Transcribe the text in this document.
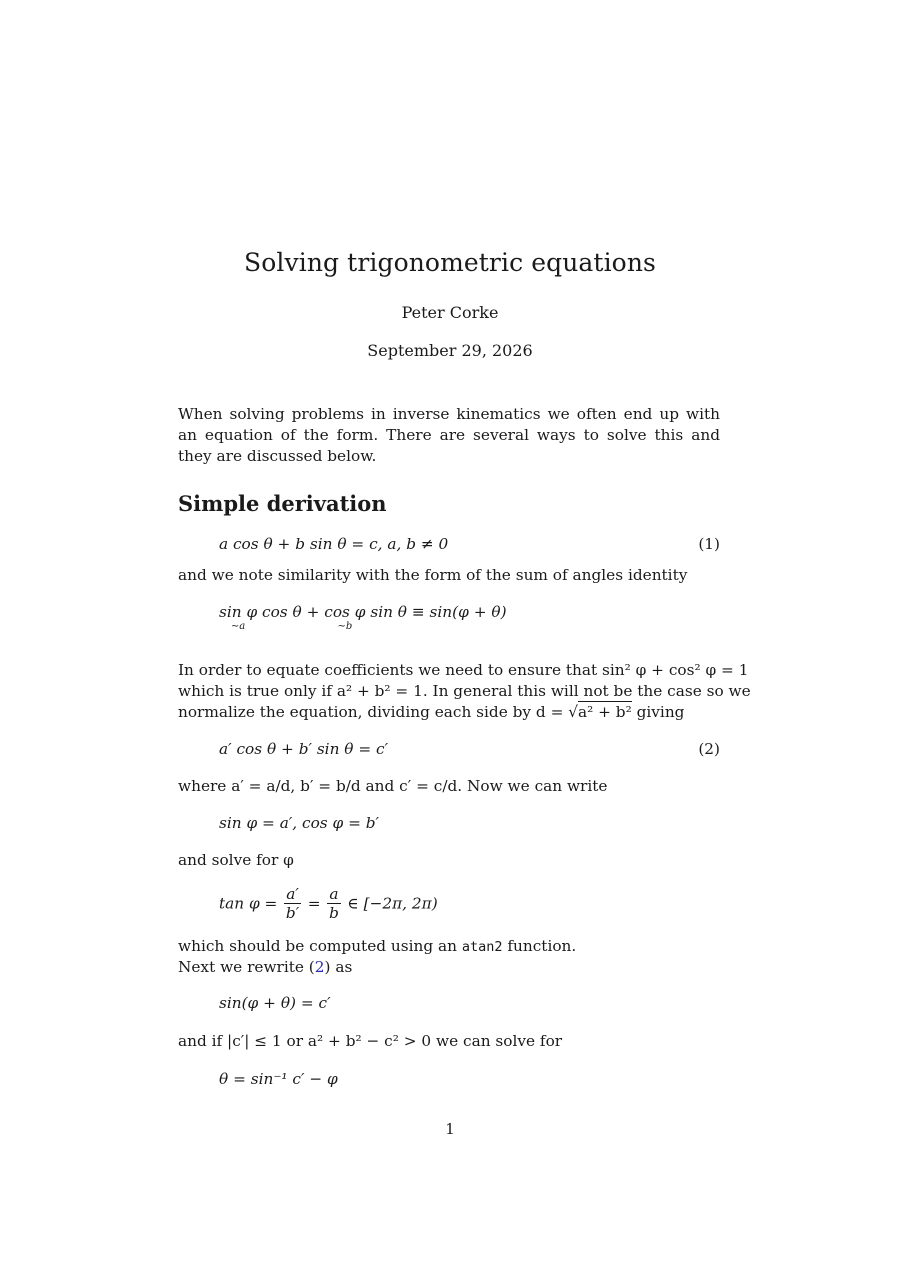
Solving trigonometric equations
Peter Corke
September 29, 2026
When solving problems in inverse kinematics we often end up with an equation of the form. There are several ways to solve this and they are discussed below.
Simple derivation
a cos θ + b sin θ = c, a, b ≠ 0	(1)
and we note similarity with the form of the sum of angles identity
sin φ
∼a
cos θ + cos φ
∼b
sin θ ≡ sin(φ + θ)
In order to equate coefficients we need to ensure that sin² φ + cos² φ = 1
which is true only if a² + b² = 1. In general this will not be the case so we
normalize the equation, dividing each side by d = √a² + b² giving
a′ cos θ + b′ sin θ = c′	(2)
where a′ = a/d, b′ = b/d and c′ = c/d. Now we can write
sin φ = a′, cos φ = b′
and solve for φ
$\tan \varphi = \frac{a'}{b'} = \frac{a}{b}$ ∈ [−2π, 2π)
which should be computed using an atan2 function.
Next we rewrite (2) as
sin(φ + θ) = c′
and if |c′| ≤ 1 or a² + b² − c² > 0 we can solve for
θ = sin⁻¹ c′ − φ
1
